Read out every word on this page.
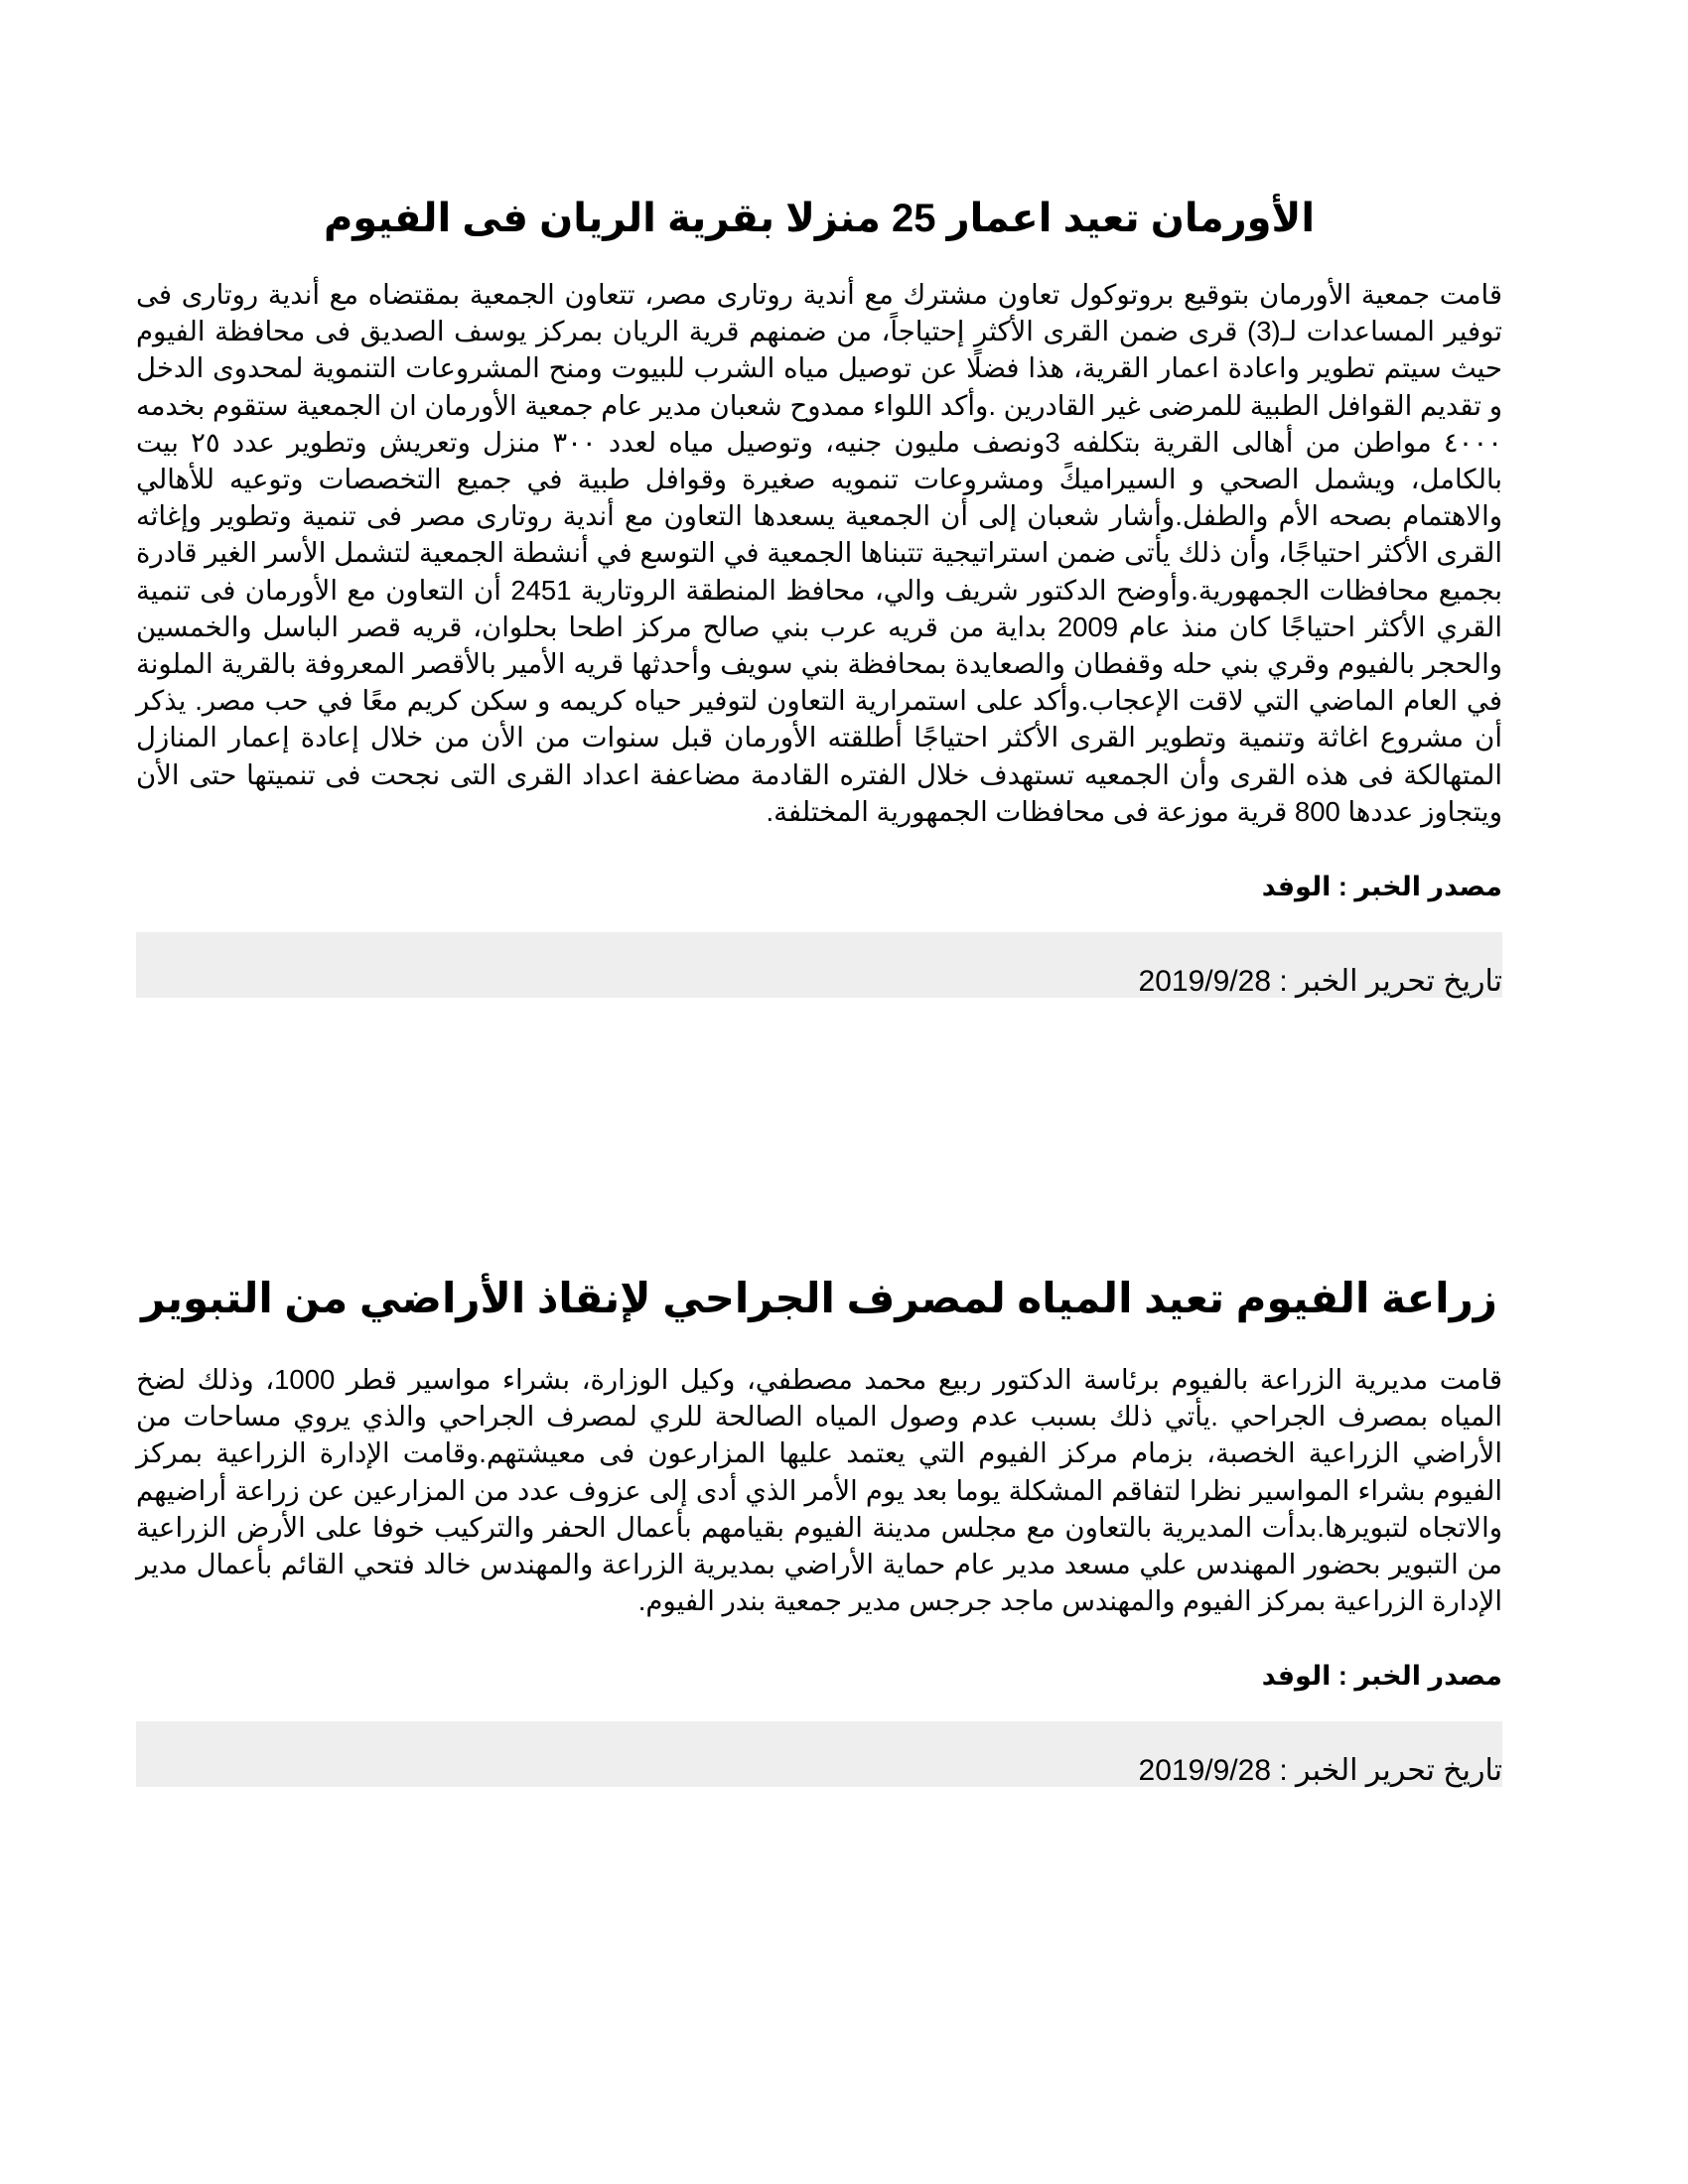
الأورمان تعيد اعمار 25 منزلا بقرية الريان فى الفيوم

قامت جمعية الأورمان بتوقيع بروتوكول تعاون مشترك مع أندية روتارى مصر، تتعاون الجمعية بمقتضاه مع أندية روتارى فى توفير المساعدات لـ(3) قرى ضمن القرى الأكثر إحتياجاً، من ضمنهم قرية الريان بمركز يوسف الصديق فى محافظة الفيوم حيث سيتم تطوير واعادة اعمار القرية، هذا فضلًا عن توصيل مياه الشرب للبيوت ومنح المشروعات التنموية لمحدوى الدخل و تقديم القوافل الطبية للمرضى غير القادرين .وأكد اللواء ممدوح شعبان مدير عام جمعية الأورمان ان الجمعية ستقوم بخدمه ٤٠٠٠ مواطن من أهالى القرية بتكلفه 3ونصف مليون جنيه، وتوصيل مياه لعدد ٣٠٠ منزل وتعريش وتطوير عدد ٢٥ بيت بالكامل، ويشمل الصحي و السيراميكً ومشروعات تنمويه صغيرة وقوافل طبية في جميع التخصصات وتوعيه للأهالي والاهتمام بصحه الأم والطفل.وأشار شعبان إلى أن الجمعية يسعدها التعاون مع أندية روتارى مصر فى تنمية وتطوير وإغاثه القرى الأكثر احتياجًا، وأن ذلك يأتى ضمن استراتيجية تتبناها الجمعية في التوسع في أنشطة الجمعية لتشمل الأسر الغير قادرة بجميع محافظات الجمهورية.وأوضح الدكتور شريف والي، محافظ المنطقة الروتارية 2451 أن التعاون مع الأورمان فى تنمية القري الأكثر احتياجًا كان منذ عام 2009 بداية من قريه عرب بني صالح مركز اطحا بحلوان، قريه قصر الباسل والخمسين والحجر بالفيوم وقري بني حله وقفطان والصعايدة بمحافظة بني سويف وأحدثها قريه الأمير بالأقصر المعروفة بالقرية الملونة في العام الماضي التي لاقت الإعجاب.وأكد على استمرارية التعاون لتوفير حياه كريمه و سكن كريم معًا في حب مصر. يذكر أن مشروع اغاثة وتنمية وتطوير القرى الأكثر احتياجًا أطلقته الأورمان قبل سنوات من الأن من خلال إعادة إعمار المنازل المتهالكة فى هذه القرى وأن الجمعيه تستهدف خلال الفتره القادمة مضاعفة اعداد القرى التى نجحت فى تنميتها حتى الأن ويتجاوز عددها 800 قرية موزعة فى محافظات الجمهورية المختلفة.

مصدر الخبر : الوفد

تاريخ تحرير الخبر : 2019/9/28
زراعة الفيوم تعيد المياه لمصرف الجراحي لإنقاذ الأراضي من التبوير

قامت مديرية الزراعة بالفيوم برئاسة الدكتور ربيع محمد مصطفي، وكيل الوزارة، بشراء مواسير قطر 1000، وذلك لضخ المياه بمصرف الجراحي .يأتي ذلك بسبب عدم وصول المياه الصالحة للري لمصرف الجراحي والذي يروي مساحات من الأراضي الزراعية الخصبة، بزمام مركز الفيوم التي يعتمد عليها المزارعون فى معيشتهم.وقامت الإدارة الزراعية بمركز الفيوم بشراء المواسير نظرا لتفاقم المشكلة يوما بعد يوم الأمر الذي أدى إلى عزوف عدد من المزارعين عن زراعة أراضيهم والاتجاه لتبويرها.بدأت المديرية بالتعاون مع مجلس مدينة الفيوم بقيامهم بأعمال الحفر والتركيب خوفا على الأرض الزراعية من التبوير بحضور المهندس علي مسعد مدير عام حماية الأراضي بمديرية الزراعة والمهندس خالد فتحي القائم بأعمال مدير الإدارة الزراعية بمركز الفيوم والمهندس ماجد جرجس مدير جمعية بندر الفيوم.

مصدر الخبر : الوفد

تاريخ تحرير الخبر : 2019/9/28
